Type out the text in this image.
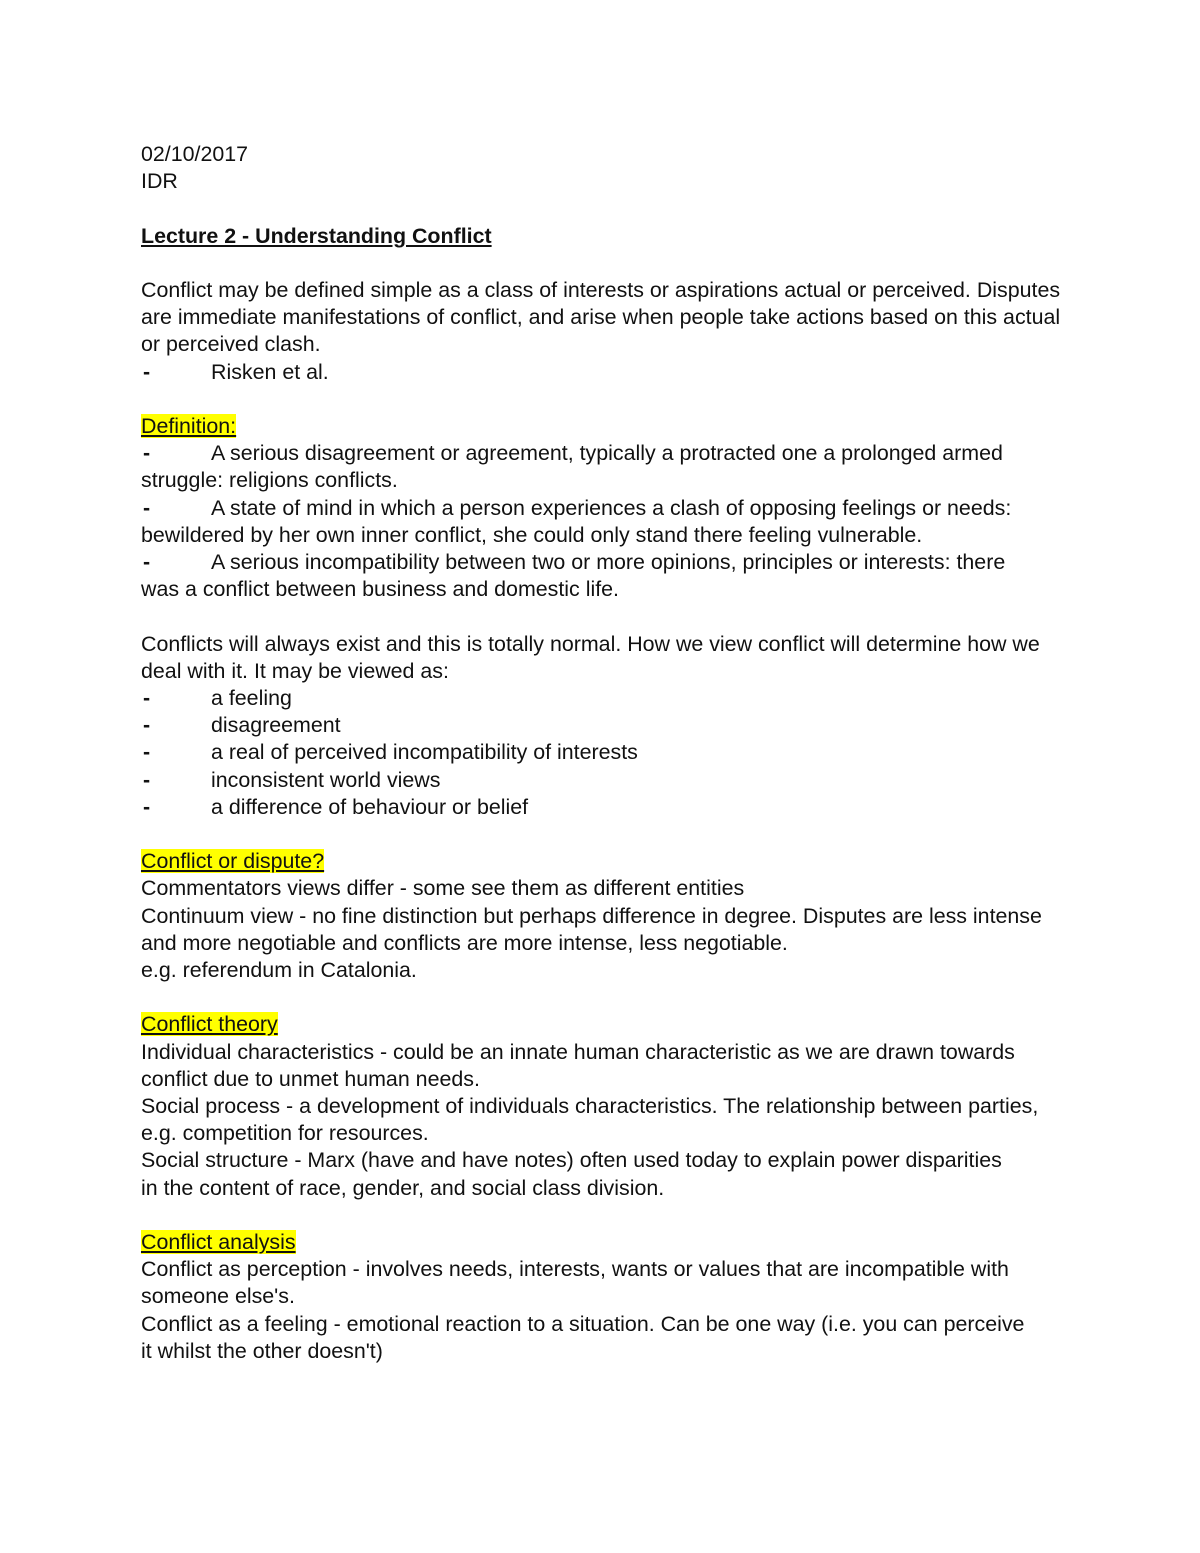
02/10/2017

IDR

Lecture 2 - Understanding Conflict

Conflict may be defined simple as a class of interests or aspirations actual or perceived. Disputes are immediate manifestations of conflict, and arise when people take actions based on this actual or perceived clash.

-	Risken et al.

Definition:

-	A serious disagreement or agreement, typically a protracted one a prolonged armed struggle: religions conflicts.

-	A state of mind in which a person experiences a clash of opposing feelings or needs: bewildered by her own inner conflict, she could only stand there feeling vulnerable.

-	A serious incompatibility between two or more opinions, principles or interests: there was a conflict between business and domestic life.

Conflicts will always exist and this is totally normal. How we view conflict will determine how we deal with it. It may be viewed as:

-	a feeling

-	disagreement

-	a real of perceived incompatibility of interests

-	inconsistent world views

-	a difference of behaviour or belief

Conflict or dispute?

Commentators views differ - some see them as different entities

Continuum view - no fine distinction but perhaps difference in degree. Disputes are less intense and more negotiable and conflicts are more intense, less negotiable.

e.g. referendum in Catalonia.

Conflict theory

Individual characteristics - could be an innate human characteristic as we are drawn towards conflict due to unmet human needs.

Social process - a development of individuals characteristics. The relationship between parties, e.g. competition for resources.

Social structure - Marx (have and have notes) often used today to explain power disparities in the content of race, gender, and social class division.

Conflict analysis

Conflict as perception - involves needs, interests, wants or values that are incompatible with someone else's.

Conflict as a feeling - emotional reaction to a situation. Can be one way (i.e. you can perceive it whilst the other doesn't)
